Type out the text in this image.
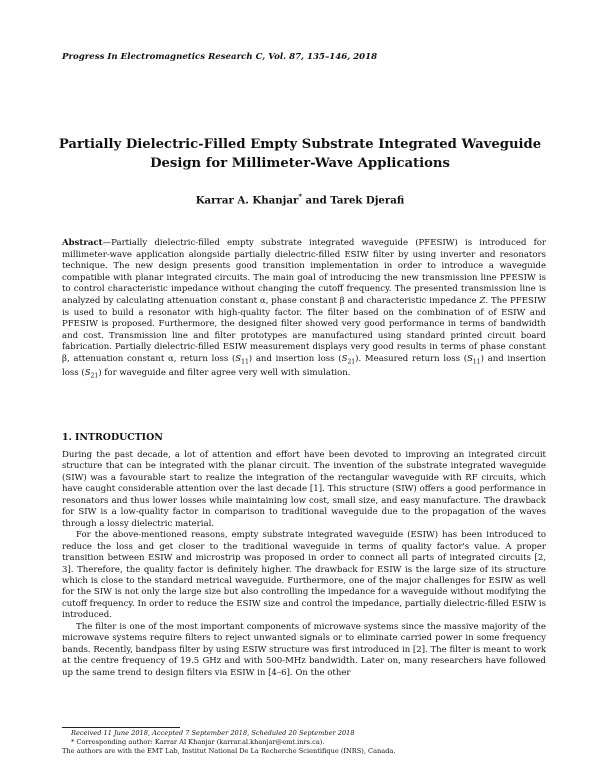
Progress In Electromagnetics Research C, Vol. 87, 135–146, 2018
Partially Dielectric-Filled Empty Substrate Integrated Waveguide
Design for Millimeter-Wave Applications
Karrar A. Khanjar* and Tarek Djerafi
Abstract—Partially dielectric-filled empty substrate integrated waveguide (PFESIW) is introduced for millimeter-wave application alongside partially dielectric-filled ESIW filter by using inverter and resonators technique. The new design presents good transition implementation in order to introduce a waveguide compatible with planar integrated circuits. The main goal of introducing the new transmission line PFESIW is to control characteristic impedance without changing the cutoff frequency. The presented transmission line is analyzed by calculating attenuation constant α, phase constant β and characteristic impedance Z. The PFESIW is used to build a resonator with high-quality factor. The filter based on the combination of of ESIW and PFESIW is proposed. Furthermore, the designed filter showed very good performance in terms of bandwidth and cost. Transmission line and filter prototypes are manufactured using standard printed circuit board fabrication. Partially dielectric-filled ESIW measurement displays very good results in terms of phase constant β, attenuation constant α, return loss $(S_{11})$ and insertion loss $(S_{21})$. Measured return loss $(S_{11})$ and insertion loss $(S_{21})$ for waveguide and filter agree very well with simulation.
1. INTRODUCTION

During the past decade, a lot of attention and effort have been devoted to improving an integrated circuit structure that can be integrated with the planar circuit. The invention of the substrate integrated waveguide (SIW) was a favourable start to realize the integration of the rectangular waveguide with RF circuits, which have caught considerable attention over the last decade [1]. This structure (SIW) offers a good performance in resonators and thus lower losses while maintaining low cost, small size, and easy manufacture. The drawback for SIW is a low-quality factor in comparison to traditional waveguide due to the propagation of the waves through a lossy dielectric material.

For the above-mentioned reasons, empty substrate integrated waveguide (ESIW) has been introduced to reduce the loss and get closer to the traditional waveguide in terms of quality factor's value. A proper transition between ESIW and microstrip was proposed in order to connect all parts of integrated circuits [2, 3]. Therefore, the quality factor is definitely higher. The drawback for ESIW is the large size of its structure which is close to the standard metrical waveguide. Furthermore, one of the major challenges for ESIW as well for the SIW is not only the large size but also controlling the impedance for a waveguide without modifying the cutoff frequency. In order to reduce the ESIW size and control the impedance, partially dielectric-filled ESIW is introduced.

The filter is one of the most important components of microwave systems since the massive majority of the microwave systems require filters to reject unwanted signals or to eliminate carried power in some frequency bands. Recently, bandpass filter by using ESIW structure was first introduced in [2]. The filter is meant to work at the centre frequency of 19.5 GHz and with 500-MHz bandwidth. Later on, many researchers have followed up the same trend to design filters via ESIW in [4–6]. On the other

Received 11 June 2018, Accepted 7 September 2018, Scheduled 20 September 2018
* Corresponding author: Karrar Al Khanjar (karrar.al.khanjar@emt.inrs.ca).
The authors are with the EMT Lab, Institut National De La Recherche Scientifique (INRS), Canada.
